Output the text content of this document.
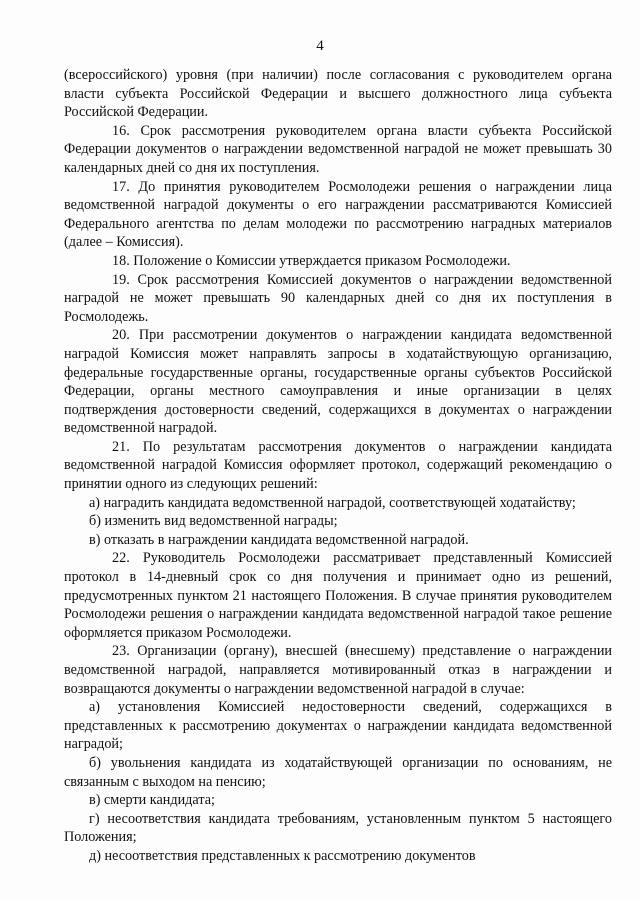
4

(всероссийского) уровня (при наличии) после согласования с руководителем органа власти субъекта Российской Федерации и высшего должностного лица субъекта Российской Федерации.

16. Срок рассмотрения руководителем органа власти субъекта Российской Федерации документов о награждении ведомственной наградой не может превышать 30 календарных дней со дня их поступления.

17. До принятия руководителем Росмолодежи решения о награждении лица ведомственной наградой документы о его награждении рассматриваются Комиссией Федерального агентства по делам молодежи по рассмотрению наградных материалов (далее – Комиссия).

18. Положение о Комиссии утверждается приказом Росмолодежи.

19. Срок рассмотрения Комиссией документов о награждении ведомственной наградой не может превышать 90 календарных дней со дня их поступления в Росмолодежь.

20. При рассмотрении документов о награждении кандидата ведомственной наградой Комиссия может направлять запросы в ходатайствующую организацию, федеральные государственные органы, государственные органы субъектов Российской Федерации, органы местного самоуправления и иные организации в целях подтверждения достоверности сведений, содержащихся в документах о награждении ведомственной наградой.

21. По результатам рассмотрения документов о награждении кандидата ведомственной наградой Комиссия оформляет протокол, содержащий рекомендацию о принятии одного из следующих решений:

а) наградить кандидата ведомственной наградой, соответствующей ходатайству;

б) изменить вид ведомственной награды;

в) отказать в награждении кандидата ведомственной наградой.

22. Руководитель Росмолодежи рассматривает представленный Комиссией протокол в 14-дневный срок со дня получения и принимает одно из решений, предусмотренных пунктом 21 настоящего Положения. В случае принятия руководителем Росмолодежи решения о награждении кандидата ведомственной наградой такое решение оформляется приказом Росмолодежи.

23. Организации (органу), внесшей (внесшему) представление о награждении ведомственной наградой, направляется мотивированный отказ в награждении и возвращаются документы о награждении ведомственной наградой в случае:

а) установления Комиссией недостоверности сведений, содержащихся в представленных к рассмотрению документах о награждении кандидата ведомственной наградой;

б) увольнения кандидата из ходатайствующей организации по основаниям, не связанным с выходом на пенсию;

в) смерти кандидата;

г) несоответствия кандидата требованиям, установленным пунктом 5 настоящего Положения;

д) несоответствия представленных к рассмотрению документов
